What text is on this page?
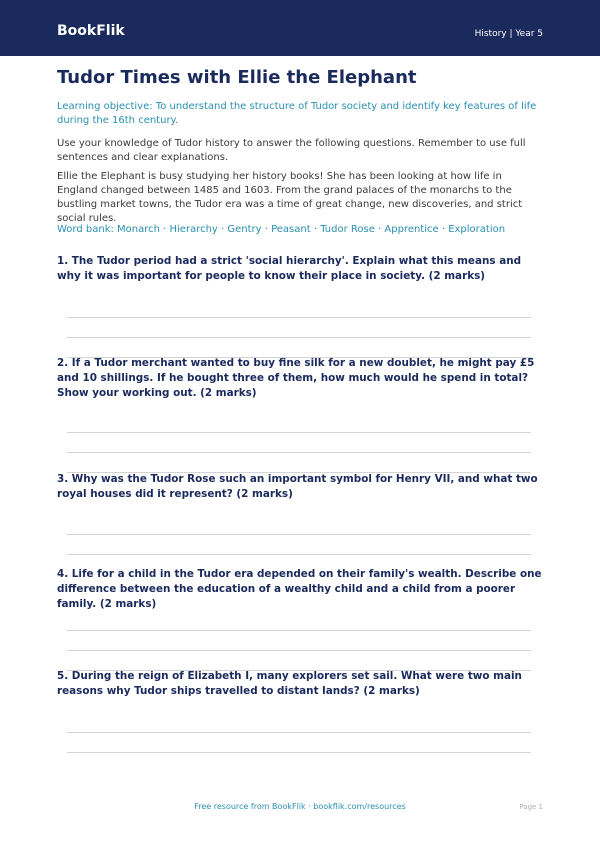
BookFlik	History | Year 5
Tudor Times with Ellie the Elephant

Learning objective: To understand the structure of Tudor society and identify key features of life during the 16th century.

Use your knowledge of Tudor history to answer the following questions. Remember to use full sentences and clear explanations.

Ellie the Elephant is busy studying her history books! She has been looking at how life in England changed between 1485 and 1603. From the grand palaces of the monarchs to the bustling market towns, the Tudor era was a time of great change, new discoveries, and strict social rules.

Word bank: Monarch · Hierarchy · Gentry · Peasant · Tudor Rose · Apprentice · Exploration

1. The Tudor period had a strict 'social hierarchy'. Explain what this means and why it was important for people to know their place in society. (2 marks)

2. If a Tudor merchant wanted to buy fine silk for a new doublet, he might pay £5 and 10 shillings. If he bought three of them, how much would he spend in total? Show your working out. (2 marks)

3. Why was the Tudor Rose such an important symbol for Henry VII, and what two royal houses did it represent? (2 marks)

4. Life for a child in the Tudor era depended on their family's wealth. Describe one difference between the education of a wealthy child and a child from a poorer family. (2 marks)

5. During the reign of Elizabeth I, many explorers set sail. What were two main reasons why Tudor ships travelled to distant lands? (2 marks)

Free resource from BookFlik · bookflik.com/resources	Page 1
